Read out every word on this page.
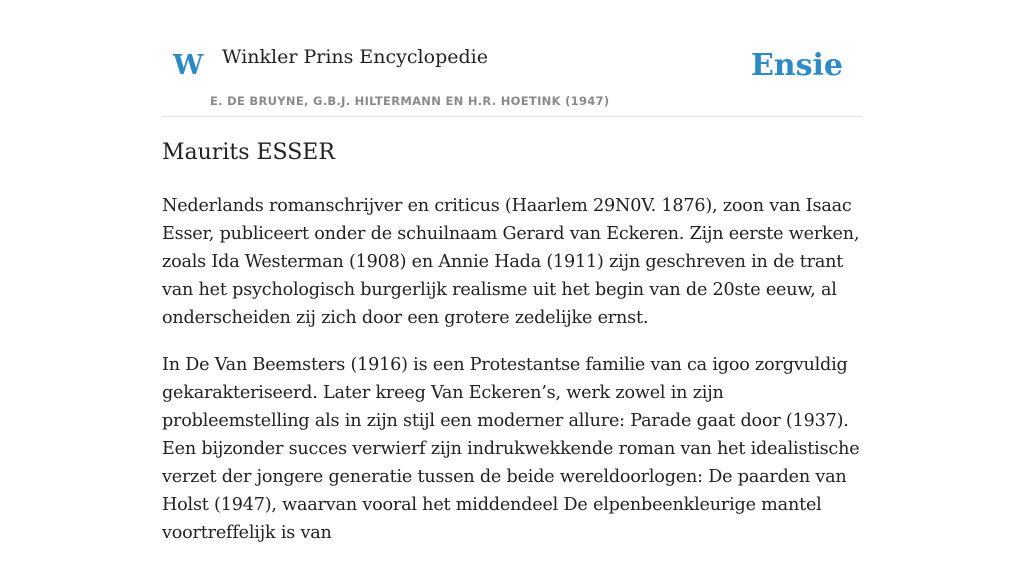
W Winkler Prins Encyclopedie
E. DE BRUYNE, G.B.J. HILTERMANN EN H.R. HOETINK (1947)
Ensie
Maurits ESSER

Nederlands romanschrijver en criticus (Haarlem 29N0V. 1876), zoon van Isaac Esser, publiceert onder de schuilnaam Gerard van Eckeren. Zijn eerste werken, zoals Ida Westerman (1908) en Annie Hada (1911) zijn geschreven in de trant van het psychologisch burgerlijk realisme uit het begin van de 20ste eeuw, al onderscheiden zij zich door een grotere zedelijke ernst.

In De Van Beemsters (1916) is een Protestantse familie van ca igoo zorgvuldig gekarakteriseerd. Later kreeg Van Eckeren’s, werk zowel in zijn probleemstelling als in zijn stijl een moderner allure: Parade gaat door (1937). Een bijzonder succes verwierf zijn indrukwekkende roman van het idealistische verzet der jongere generatie tussen de beide wereldoorlogen: De paarden van Holst (1947), waarvan vooral het middendeel De elpenbeenkleurige mantel voortreffelijk is van
